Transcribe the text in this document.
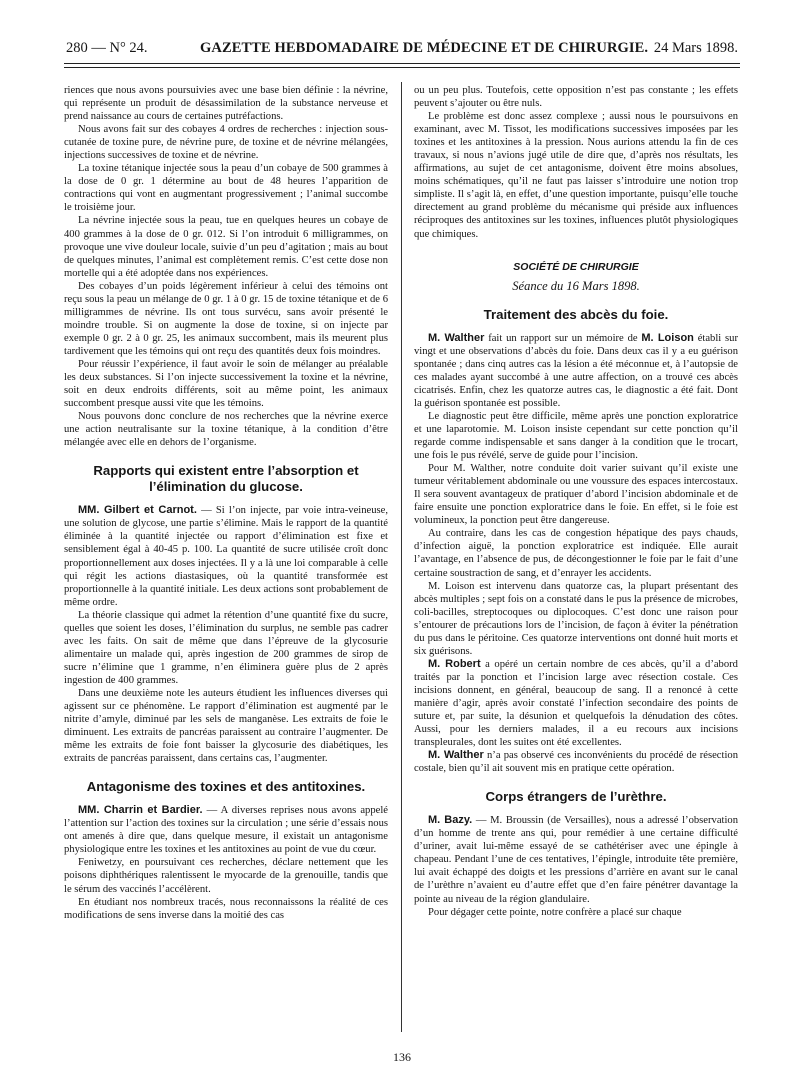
280 — N° 24.	GAZETTE HEBDOMADAIRE DE MÉDECINE ET DE CHIRURGIE. 24 Mars 1898.

riences que nous avons poursuivies avec une base bien définie : la névrine, qui représente un produit de désassimilation de la substance nerveuse et prend naissance au cours de certaines putréfactions.

Nous avons fait sur des cobayes 4 ordres de recherches : injection sous-cutanée de toxine pure, de névrine pure, de toxine et de névrine mélangées, injections successives de toxine et de névrine.

La toxine tétanique injectée sous la peau d’un cobaye de 500 grammes à la dose de 0 gr. 1 détermine au bout de 48 heures l’apparition de contractions qui vont en augmentant progressivement ; l’animal succombe le troisième jour.

La névrine injectée sous la peau, tue en quelques heures un cobaye de 400 grammes à la dose de 0 gr. 012. Si l’on introduit 6 milligrammes, on provoque une vive douleur locale, suivie d’un peu d’agitation ; mais au bout de quelques minutes, l’animal est complètement remis. C’est cette dose non mortelle qui a été adoptée dans nos expériences.

Des cobayes d’un poids légèrement inférieur à celui des témoins ont reçu sous la peau un mélange de 0 gr. 1 à 0 gr. 15 de toxine tétanique et de 6 milligrammes de névrine. Ils ont tous survécu, sans avoir présenté le moindre trouble. Si on augmente la dose de toxine, si on injecte par exemple 0 gr. 2 à 0 gr. 25, les animaux succombent, mais ils meurent plus tardivement que les témoins qui ont reçu des quantités deux fois moindres.

Pour réussir l’expérience, il faut avoir le soin de mélanger au préalable les deux substances. Si l’on injecte successivement la toxine et la névrine, soit en deux endroits différents, soit au même point, les animaux succombent presque aussi vite que les témoins.

Nous pouvons donc conclure de nos recherches que la névrine exerce une action neutralisante sur la toxine tétanique, à la condition d’être mélangée avec elle en dehors de l’organisme.

Rapports qui existent entre l’absorption et l’élimination du glucose.

MM. Gilbert et Carnot. — Si l’on injecte, par voie intra-veineuse, une solution de glycose, une partie s’élimine. Mais le rapport de la quantité éliminée à la quantité injectée ou rapport d’élimination est fixe et sensiblement égal à 40-45 p. 100. La quantité de sucre utilisée croît donc proportionnellement aux doses injectées. Il y a là une loi comparable à celle qui régit les actions diastasiques, où la quantité transformée est proportionnelle à la quantité initiale. Les deux actions sont probablement de même ordre.

La théorie classique qui admet la rétention d’une quantité fixe du sucre, quelles que soient les doses, l’élimination du surplus, ne semble pas cadrer avec les faits. On sait de même que dans l’épreuve de la glycosurie alimentaire un malade qui, après ingestion de 200 grammes de sirop de sucre n’élimine que 1 gramme, n’en éliminera guère plus de 2 après ingestion de 400 grammes.

Dans une deuxième note les auteurs étudient les influences diverses qui agissent sur ce phénomène. Le rapport d’élimination est augmenté par le nitrite d’amyle, diminué par les sels de manganèse. Les extraits de foie le diminuent. Les extraits de pancréas paraissent au contraire l’augmenter. De même les extraits de foie font baisser la glycosurie des diabétiques, les extraits de pancréas paraissent, dans certains cas, l’augmenter.

Antagonisme des toxines et des antitoxines.

MM. Charrin et Bardier. — A diverses reprises nous avons appelé l’attention sur l’action des toxines sur la circulation ; une série d’essais nous ont amenés à dire que, dans quelque mesure, il existait un antagonisme physiologique entre les toxines et les antitoxines au point de vue du cœur.

Feniwetzy, en poursuivant ces recherches, déclare nettement que les poisons diphthériques ralentissent le myocarde de la grenouille, tandis que le sérum des vaccinés l’accélèrent.

En étudiant nos nombreux tracés, nous reconnaissons la réalité de ces modifications de sens inverse dans la moitié des cas

ou un peu plus. Toutefois, cette opposition n’est pas constante ; les effets peuvent s’ajouter ou être nuls.

Le problème est donc assez complexe ; aussi nous le poursuivons en examinant, avec M. Tissot, les modifications successives imposées par les toxines et les antitoxines à la pression. Nous aurions attendu la fin de ces travaux, si nous n’avions jugé utile de dire que, d’après nos résultats, les affirmations, au sujet de cet antagonisme, doivent être moins absolues, moins schématiques, qu’il ne faut pas laisser s’introduire une notion trop simpliste. Il s’agit là, en effet, d’une question importante, puisqu’elle touche directement au grand problème du mécanisme qui préside aux influences réciproques des antitoxines sur les toxines, influences plutôt physiologiques que chimiques.

SOCIÉTÉ DE CHIRURGIE
Séance du 16 Mars 1898.
Traitement des abcès du foie.

M. Walther fait un rapport sur un mémoire de M. Loison établi sur vingt et une observations d’abcès du foie. Dans deux cas il y a eu guérison spontanée ; dans cinq autres cas la lésion a été méconnue et, à l’autopsie de ces malades ayant succombé à une autre affection, on a trouvé ces abcès cicatrisés. Enfin, chez les quatorze autres cas, le diagnostic a été fait. Dont la guérison spontanée est possible.

Le diagnostic peut être difficile, même après une ponction exploratrice et une laparotomie. M. Loison insiste cependant sur cette ponction qu’il regarde comme indispensable et sans danger à la condition que le trocart, une fois le pus révélé, serve de guide pour l’incision.

Pour M. Walther, notre conduite doit varier suivant qu’il existe une tumeur véritablement abdominale ou une voussure des espaces intercostaux. Il sera souvent avantageux de pratiquer d’abord l’incision abdominale et de faire ensuite une ponction exploratrice dans le foie. En effet, si le foie est volumineux, la ponction peut être dangereuse.

Au contraire, dans les cas de congestion hépatique des pays chauds, d’infection aiguë, la ponction exploratrice est indiquée. Elle aurait l’avantage, en l’absence de pus, de décongestionner le foie par le fait d’une certaine soustraction de sang, et d’enrayer les accidents.

M. Loison est intervenu dans quatorze cas, la plupart présentant des abcès multiples ; sept fois on a constaté dans le pus la présence de microbes, coli-bacilles, streptocoques ou diplocoques. C’est donc une raison pour s’entourer de précautions lors de l’incision, de façon à éviter la pénétration du pus dans le péritoine. Ces quatorze interventions ont donné huit morts et six guérisons.

M. Robert a opéré un certain nombre de ces abcès, qu’il a d’abord traités par la ponction et l’incision large avec résection costale. Ces incisions donnent, en général, beaucoup de sang. Il a renoncé à cette manière d’agir, après avoir constaté l’infection secondaire des points de suture et, par suite, la désunion et quelquefois la dénudation des côtes. Aussi, pour les derniers malades, il a eu recours aux incisions transpleurales, dont les suites ont été excellentes.

M. Walther n’a pas observé ces inconvénients du procédé de résection costale, bien qu’il ait souvent mis en pratique cette opération.

Corps étrangers de l’urèthre.

M. Bazy. — M. Broussin (de Versailles), nous a adressé l’observation d’un homme de trente ans qui, pour remédier à une certaine difficulté d’uriner, avait lui-même essayé de se cathétériser avec une épingle à chapeau. Pendant l’une de ces tentatives, l’épingle, introduite tête première, lui avait échappé des doigts et les pressions d’arrière en avant sur le canal de l’urèthre n’avaient eu d’autre effet que d’en faire pénétrer davantage la pointe au niveau de la région glandulaire.

Pour dégager cette pointe, notre confrère a placé sur chaque

136
